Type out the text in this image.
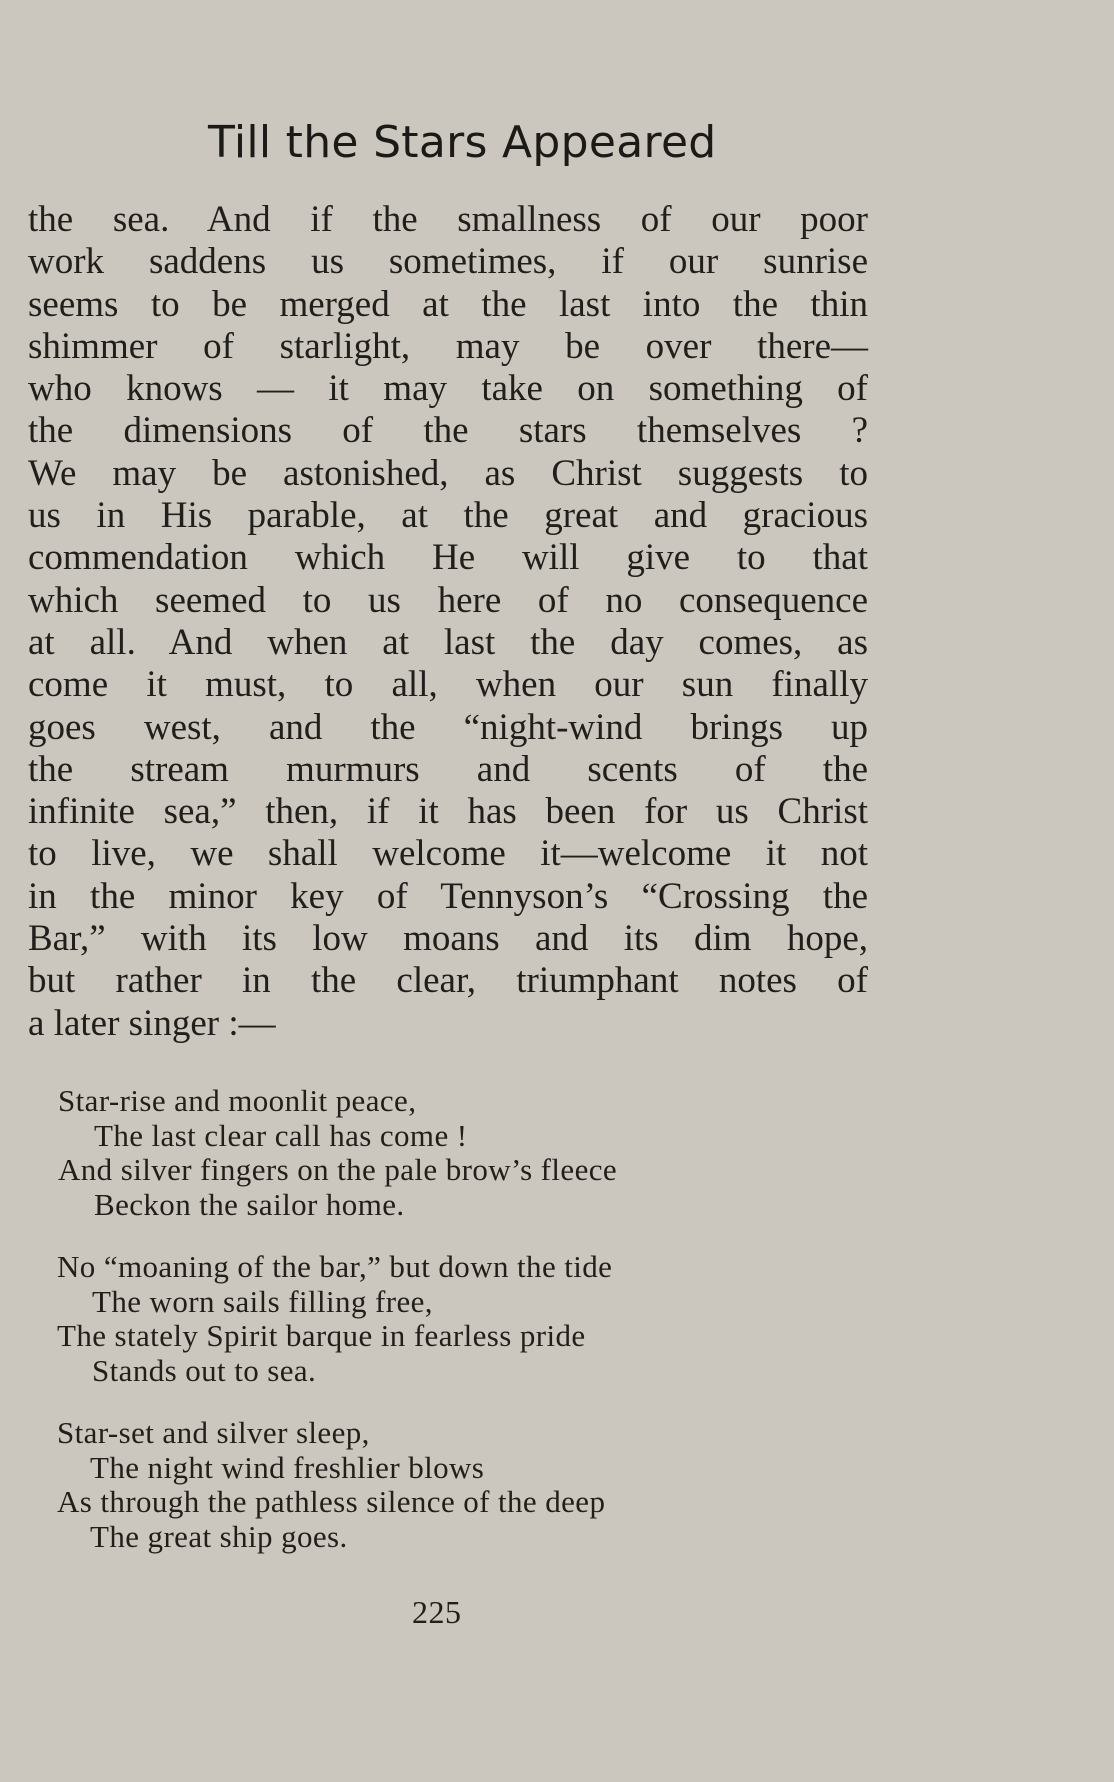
Till the Stars Appeared
the sea. And if the smallness of our poor
work saddens us sometimes, if our sunrise
seems to be merged at the last into the thin
shimmer of starlight, may be over there—
who knows — it may take on something of
the dimensions of the stars themselves ?
We may be astonished, as Christ suggests to
us in His parable, at the great and gracious
commendation which He will give to that
which seemed to us here of no consequence
at all. And when at last the day comes, as
come it must, to all, when our sun finally
goes west, and the “night-wind brings up
the stream murmurs and scents of the
infinite sea,” then, if it has been for us Christ
to live, we shall welcome it—welcome it not
in the minor key of Tennyson’s “Crossing the
Bar,” with its low moans and its dim hope,
but rather in the clear, triumphant notes of
a later singer :—
Star-rise and moonlit peace,
The last clear call has come !
And silver fingers on the pale brow’s fleece
Beckon the sailor home.
No “moaning of the bar,” but down the tide
The worn sails filling free,
The stately Spirit barque in fearless pride
Stands out to sea.
Star-set and silver sleep,
The night wind freshlier blows
As through the pathless silence of the deep
The great ship goes.
225
